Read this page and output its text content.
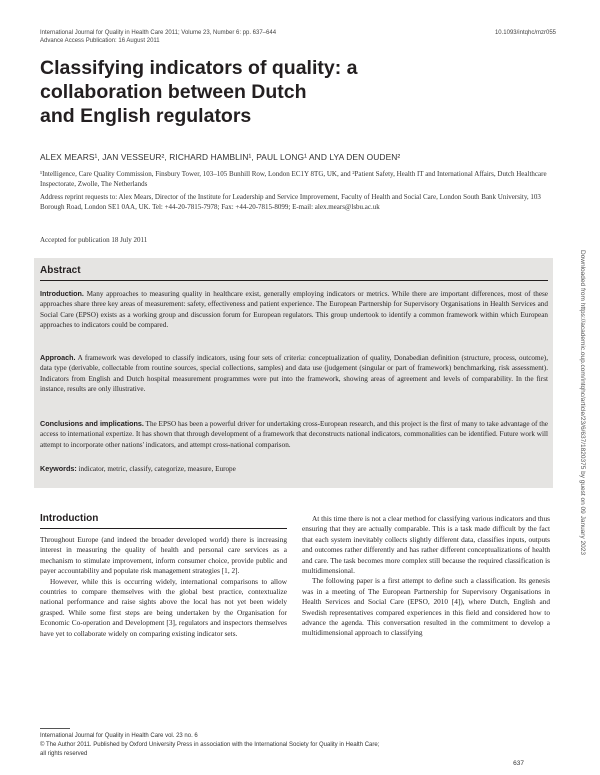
International Journal for Quality in Health Care 2011; Volume 23, Number 6: pp. 637–644
Advance Access Publication: 16 August 2011
10.1093/intqhc/mzr055
Classifying indicators of quality: a
collaboration between Dutch
and English regulators
ALEX MEARS¹, JAN VESSEUR², RICHARD HAMBLIN¹, PAUL LONG¹ AND LYA DEN OUDEN²
¹Intelligence, Care Quality Commission, Finsbury Tower, 103–105 Bunhill Row, London EC1Y 8TG, UK, and ²Patient Safety, Health IT and International Affairs, Dutch Healthcare Inspectorate, Zwolle, The Netherlands
Address reprint requests to: Alex Mears, Director of the Institute for Leadership and Service Improvement, Faculty of Health and Social Care, London South Bank University, 103 Borough Road, London SE1 0AA, UK. Tel: +44-20-7815-7978; Fax: +44-20-7815-8099; E-mail: alex.mears@lsbu.ac.uk
Accepted for publication 18 July 2011
Abstract
Introduction. Many approaches to measuring quality in healthcare exist, generally employing indicators or metrics. While there are important differences, most of these approaches share three key areas of measurement: safety, effectiveness and patient experience. The European Partnership for Supervisory Organisations in Health Services and Social Care (EPSO) exists as a working group and discussion forum for European regulators. This group undertook to identify a common framework within which European approaches to indicators could be compared.
Approach. A framework was developed to classify indicators, using four sets of criteria: conceptualization of quality, Donabedian definition (structure, process, outcome), data type (derivable, collectable from routine sources, special collections, samples) and data use (judgement (singular or part of framework) benchmarking, risk assessment). Indicators from English and Dutch hospital measurement programmes were put into the framework, showing areas of agreement and levels of comparability. In the first instance, results are only illustrative.
Conclusions and implications. The EPSO has been a powerful driver for undertaking cross-European research, and this project is the first of many to take advantage of the access to international expertize. It has shown that through development of a framework that deconstructs national indicators, commonalities can be identified. Future work will attempt to incorporate other nations' indicators, and attempt cross-national comparison.
Keywords: indicator, metric, classify, categorize, measure, Europe
Introduction

Throughout Europe (and indeed the broader developed world) there is increasing interest in measuring the quality of health and personal care services as a mechanism to stimulate improvement, inform consumer choice, provide public and payer accountability and populate risk management strategies [1, 2].

However, while this is occurring widely, international comparisons to allow countries to compare themselves with the global best practice, contextualize national performance and raise sights above the local has not yet been widely grasped. While some first steps are being undertaken by the Organisation for Economic Co-operation and Development [3], regulators and inspectors themselves have yet to collaborate widely on comparing existing indicator sets.

At this time there is not a clear method for classifying various indicators and thus ensuring that they are actually comparable. This is a task made difficult by the fact that each system inevitably collects slightly different data, classifies inputs, outputs and outcomes rather differently and has rather different conceptualizations of health and care. The task becomes more complex still because the required classification is multidimensional.

The following paper is a first attempt to define such a classification. Its genesis was in a meeting of The European Partnership for Supervisory Organisations in Health Services and Social Care (EPSO, 2010 [4]), where Dutch, English and Swedish representatives compared experiences in this field and considered how to advance the agenda. This conversation resulted in the commitment to develop a multidimensional approach to classifying

International Journal for Quality in Health Care vol. 23 no. 6
© The Author 2011. Published by Oxford University Press in association with the International Society for Quality in Health Care;
all rights reserved
637
Downloaded from https://academic.oup.com/intqhc/article/23/6/637/1820375 by guest on 09 January 2023
